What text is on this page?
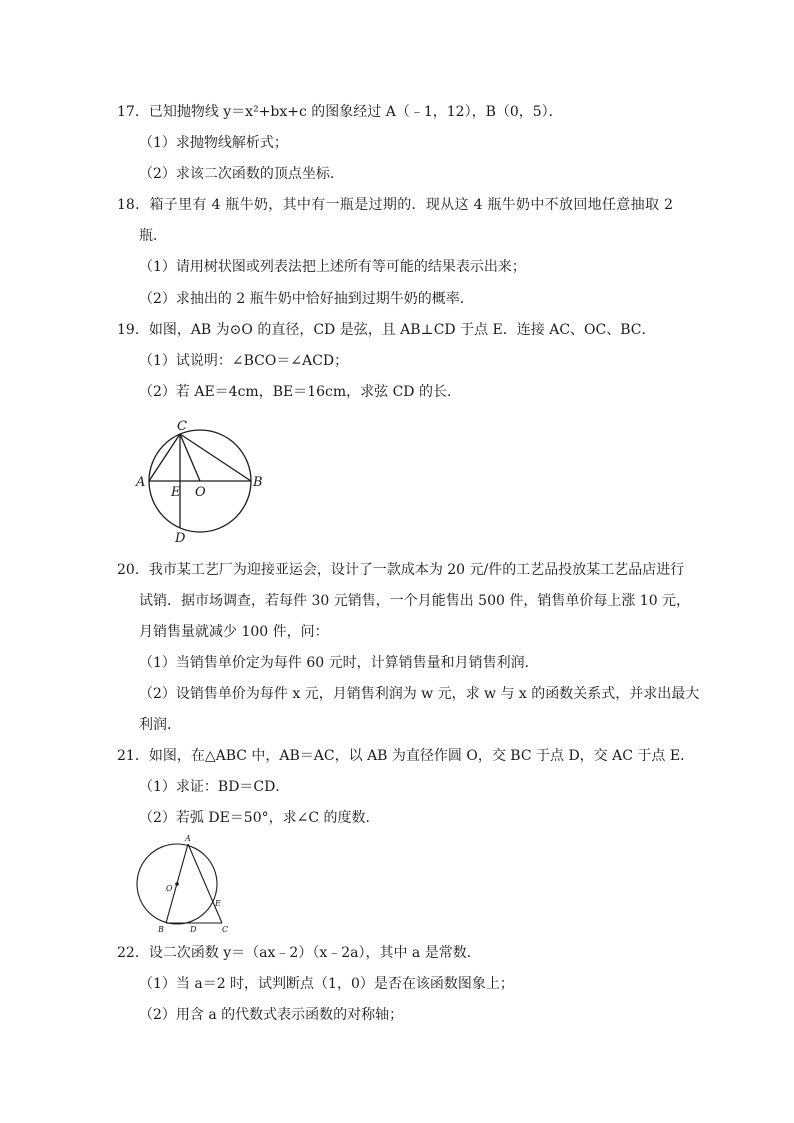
17．已知抛物线 y＝x²+bx+c 的图象经过 A（﹣1，12），B（0，5）．
（1）求抛物线解析式；
（2）求该二次函数的顶点坐标．
18．箱子里有 4 瓶牛奶，其中有一瓶是过期的．现从这 4 瓶牛奶中不放回地任意抽取 2
瓶．
（1）请用树状图或列表法把上述所有等可能的结果表示出来；
（2）求抽出的 2 瓶牛奶中恰好抽到过期牛奶的概率．
19．如图，AB 为⊙O 的直径，CD 是弦，且 AB⊥CD 于点 E．连接 AC、OC、BC．
（1）试说明：∠BCO＝∠ACD；
（2）若 AE＝4cm，BE＝16cm，求弦 CD 的长．
C
A	B
E O
D
20．我市某工艺厂为迎接亚运会，设计了一款成本为 20 元/件的工艺品投放某工艺品店进行
试销．据市场调查，若每件 30 元销售，一个月能售出 500 件，销售单价每上涨 10 元，
月销售量就减少 100 件，问：
（1）当销售单价定为每件 60 元时，计算销售量和月销售利润．
（2）设销售单价为每件 x 元，月销售利润为 w 元，求 w 与 x 的函数关系式，并求出最大
利润．
21．如图，在△ABC 中，AB＝AC，以 AB 为直径作圆 O，交 BC 于点 D，交 AC 于点 E．
（1）求证：BD＝CD．
（2）若弧 DE＝50°，求∠C 的度数．
A
O
E
B	D	C
22．设二次函数 y＝（ax﹣2）（x﹣2a），其中 a 是常数．
（1）当 a＝2 时，试判断点（1，0）是否在该函数图象上；
（2）用含 a 的代数式表示函数的对称轴；
